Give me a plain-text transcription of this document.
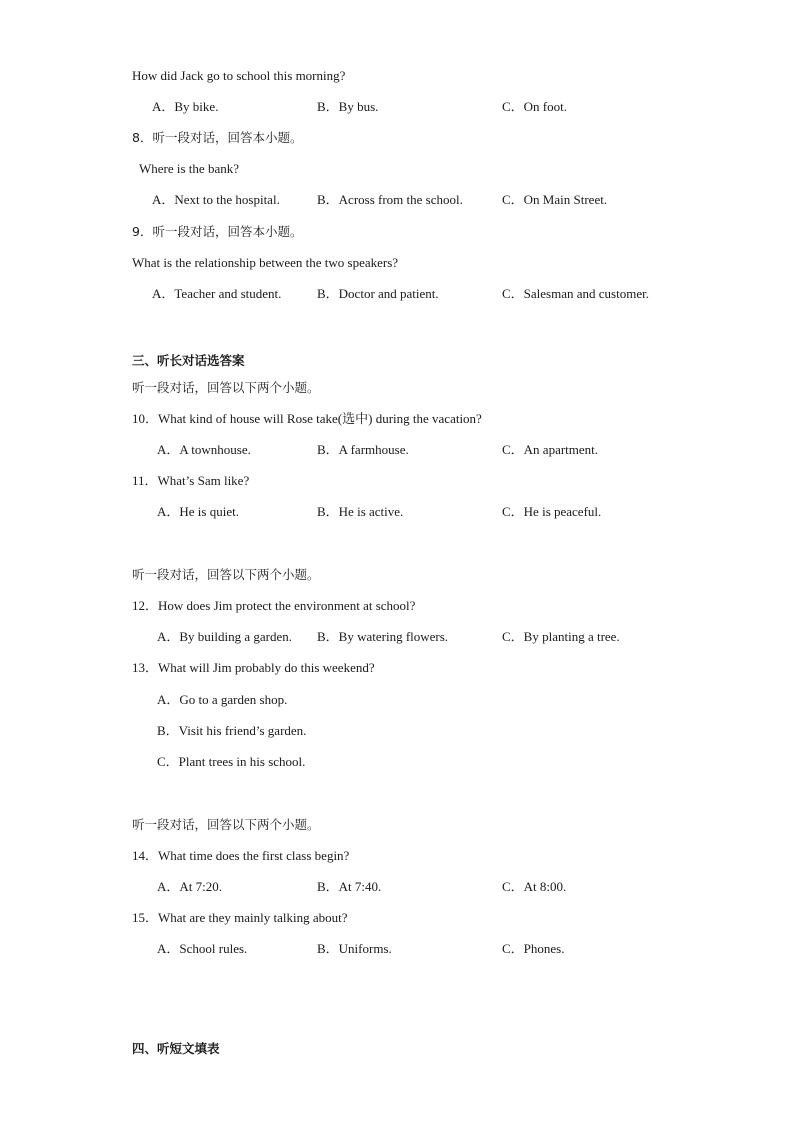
How did Jack go to school this morning?
A．By bike.	B．By bus.	C．On foot.
8．听一段对话，回答本小题。
Where is the bank?
A．Next to the hospital.	B．Across from the school.	C．On Main Street.
9．听一段对话，回答本小题。
What is the relationship between the two speakers?
A．Teacher and student.	B．Doctor and patient.	C．Salesman and customer.
三、听长对话选答案
听一段对话，回答以下两个小题。
10．What kind of house will Rose take(选中) during the vacation?
A．A townhouse.	B．A farmhouse.	C．An apartment.
11．What’s Sam like?
A．He is quiet.	B．He is active.	C．He is peaceful.
听一段对话，回答以下两个小题。
12．How does Jim protect the environment at school?
A．By building a garden. B．By watering flowers.	C．By planting a tree.
13．What will Jim probably do this weekend?
A．Go to a garden shop.
B．Visit his friend’s garden.
C．Plant trees in his school.
听一段对话，回答以下两个小题。
14．What time does the first class begin?
A．At 7:20.	B．At 7:40.	C．At 8:00.
15．What are they mainly talking about?
A．School rules.	B．Uniforms.	C．Phones.
四、听短文填表
